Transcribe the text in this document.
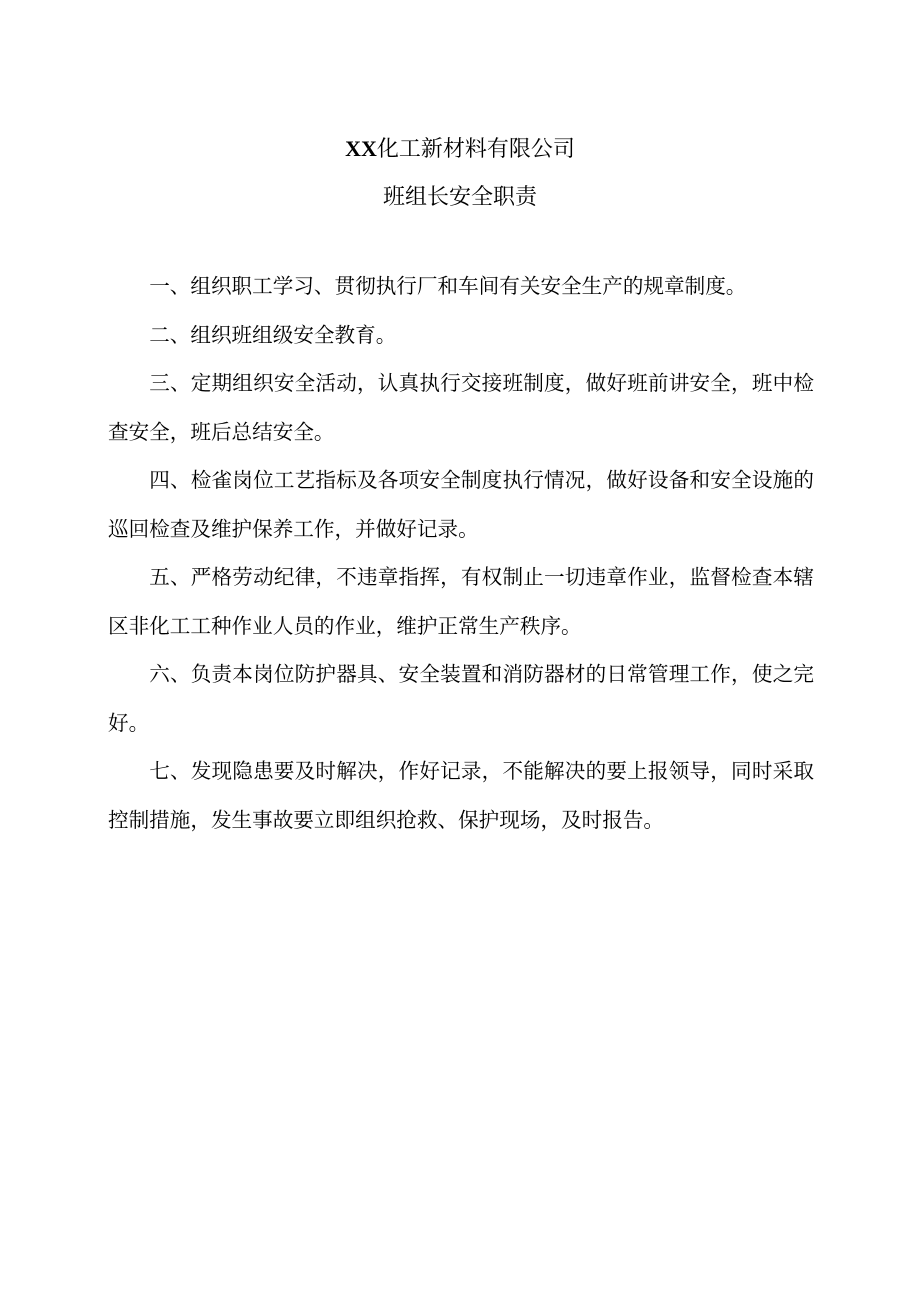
XX化工新材料有限公司
班组长安全职责

一、组织职工学习、贯彻执行厂和车间有关安全生产的规章制度。

二、组织班组级安全教育。

三、定期组织安全活动，认真执行交接班制度，做好班前讲安全，班中检查安全，班后总结安全。

四、检雀岗位工艺指标及各项安全制度执行情况，做好设备和安全设施的巡回检查及维护保养工作，并做好记录。

五、严格劳动纪律，不违章指挥，有权制止一切违章作业，监督检查本辖区非化工工种作业人员的作业，维护正常生产秩序。

六、负责本岗位防护器具、安全装置和消防器材的日常管理工作，使之完好。

七、发现隐患要及时解决，作好记录，不能解决的要上报领导，同时采取控制措施，发生事故要立即组织抢救、保护现场，及时报告。
